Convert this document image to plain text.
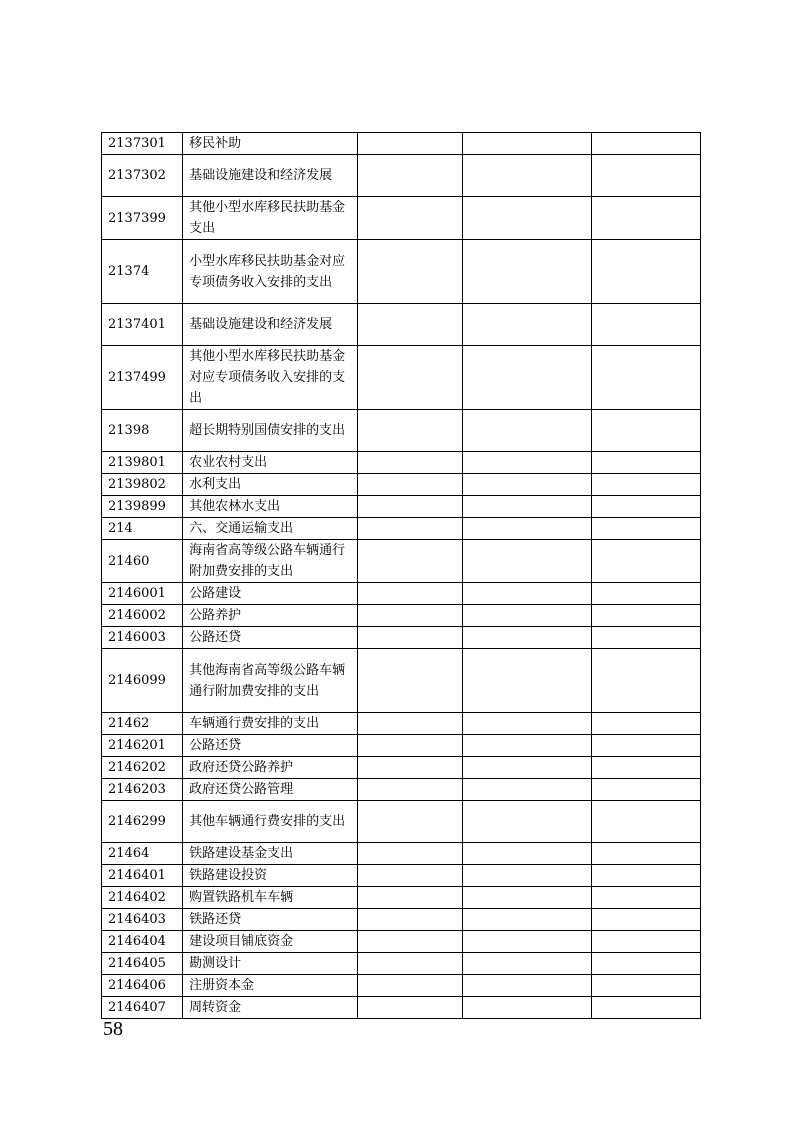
2137301	移民补助			
2137302	基础设施建设和经济发展			
2137399	其他小型水库移民扶助基金支出			
21374	小型水库移民扶助基金对应专项债务收入安排的支出			
2137401	基础设施建设和经济发展			
2137499	其他小型水库移民扶助基金对应专项债务收入安排的支出			
21398	超长期特别国债安排的支出			
2139801	农业农村支出			
2139802	水利支出			
2139899	其他农林水支出			
214	六、交通运输支出			
21460	海南省高等级公路车辆通行附加费安排的支出			
2146001	公路建设			
2146002	公路养护			
2146003	公路还贷			
2146099	其他海南省高等级公路车辆通行附加费安排的支出			
21462	车辆通行费安排的支出			
2146201	公路还贷			
2146202	政府还贷公路养护			
2146203	政府还贷公路管理			
2146299	其他车辆通行费安排的支出			
21464	铁路建设基金支出			
2146401	铁路建设投资			
2146402	购置铁路机车车辆			
2146403	铁路还贷			
2146404	建设项目铺底资金			
2146405	勘测设计			
2146406	注册资本金			
2146407	周转资金			
58
